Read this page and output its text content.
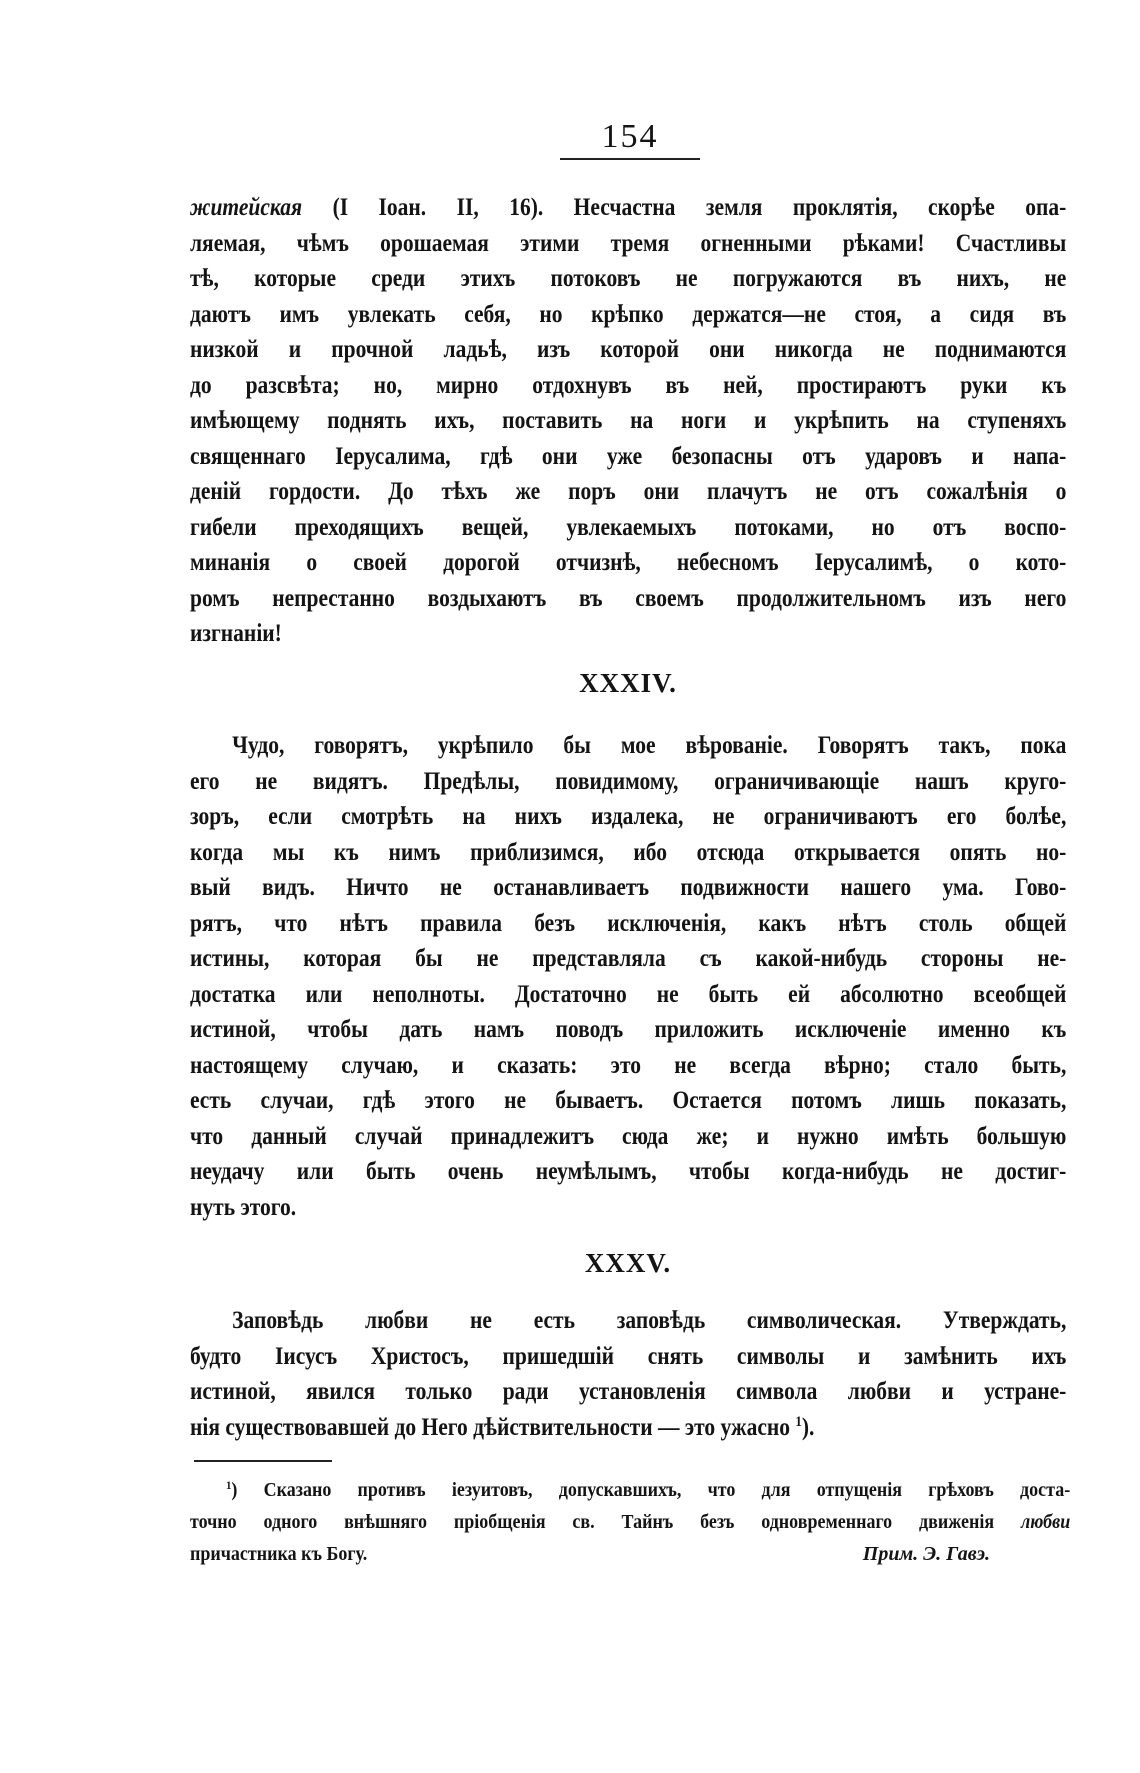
154
житейская (I Іоан. II, 16). Несчастна земля проклятія, скорѣе опа-
ляемая, чѣмъ орошаемая этими тремя огненными рѣками! Счастливы
тѣ, которые среди этихъ потоковъ не погружаются въ нихъ, не
даютъ имъ увлекать себя, но крѣпко держатся—не стоя, а сидя въ
низкой и прочной ладьѣ, изъ которой они никогда не поднимаются
до разсвѣта; но, мирно отдохнувъ въ ней, простираютъ руки къ
имѣющему поднять ихъ, поставить на ноги и укрѣпить на ступеняхъ
священнаго Іерусалима, гдѣ они уже безопасны отъ ударовъ и напа-
деній гордости. До тѣхъ же поръ они плачутъ не отъ сожалѣнія о
гибели преходящихъ вещей, увлекаемыхъ потоками, но отъ воспо-
минанія о своей дорогой отчизнѣ, небесномъ Іерусалимѣ, о кото-
ромъ непрестанно воздыхаютъ въ своемъ продолжительномъ изъ него
изгнаніи!
XXXIV.
Чудо, говорятъ, укрѣпило бы мое вѣрованіе. Говорятъ такъ, пока
его не видятъ. Предѣлы, повидимому, ограничивающіе нашъ круго-
зоръ, если смотрѣть на нихъ издалека, не ограничиваютъ его болѣе,
когда мы къ нимъ приблизимся, ибо отсюда открывается опять но-
вый видъ. Ничто не останавливаетъ подвижности нашего ума. Гово-
рятъ, что нѣтъ правила безъ исключенія, какъ нѣтъ столь общей
истины, которая бы не представляла съ какой-нибудь стороны не-
достатка или неполноты. Достаточно не быть ей абсолютно всеобщей
истиной, чтобы дать намъ поводъ приложить исключеніе именно къ
настоящему случаю, и сказать: это не всегда вѣрно; стало быть,
есть случаи, гдѣ этого не бываетъ. Остается потомъ лишь показать,
что данный случай принадлежитъ сюда же; и нужно имѣть большую
неудачу или быть очень неумѣлымъ, чтобы когда-нибудь не достиг-
нуть этого.
XXXV.
Заповѣдь любви не есть заповѣдь символическая. Утверждать,
будто Іисусъ Христосъ, пришедшій снять символы и замѣнить ихъ
истиной, явился только ради установленія символа любви и устране-
нія существовавшей до Него дѣйствительности — это ужасно $^1$).
$^1$) Сказано противъ іезуитовъ, допускавшихъ, что для отпущенія грѣховъ доста-
точно одного внѣшняго пріобщенія св. Тайнъ безъ одновременнаго движенія любви
причастника къ Богу.	Прим. Э. Гавэ.
